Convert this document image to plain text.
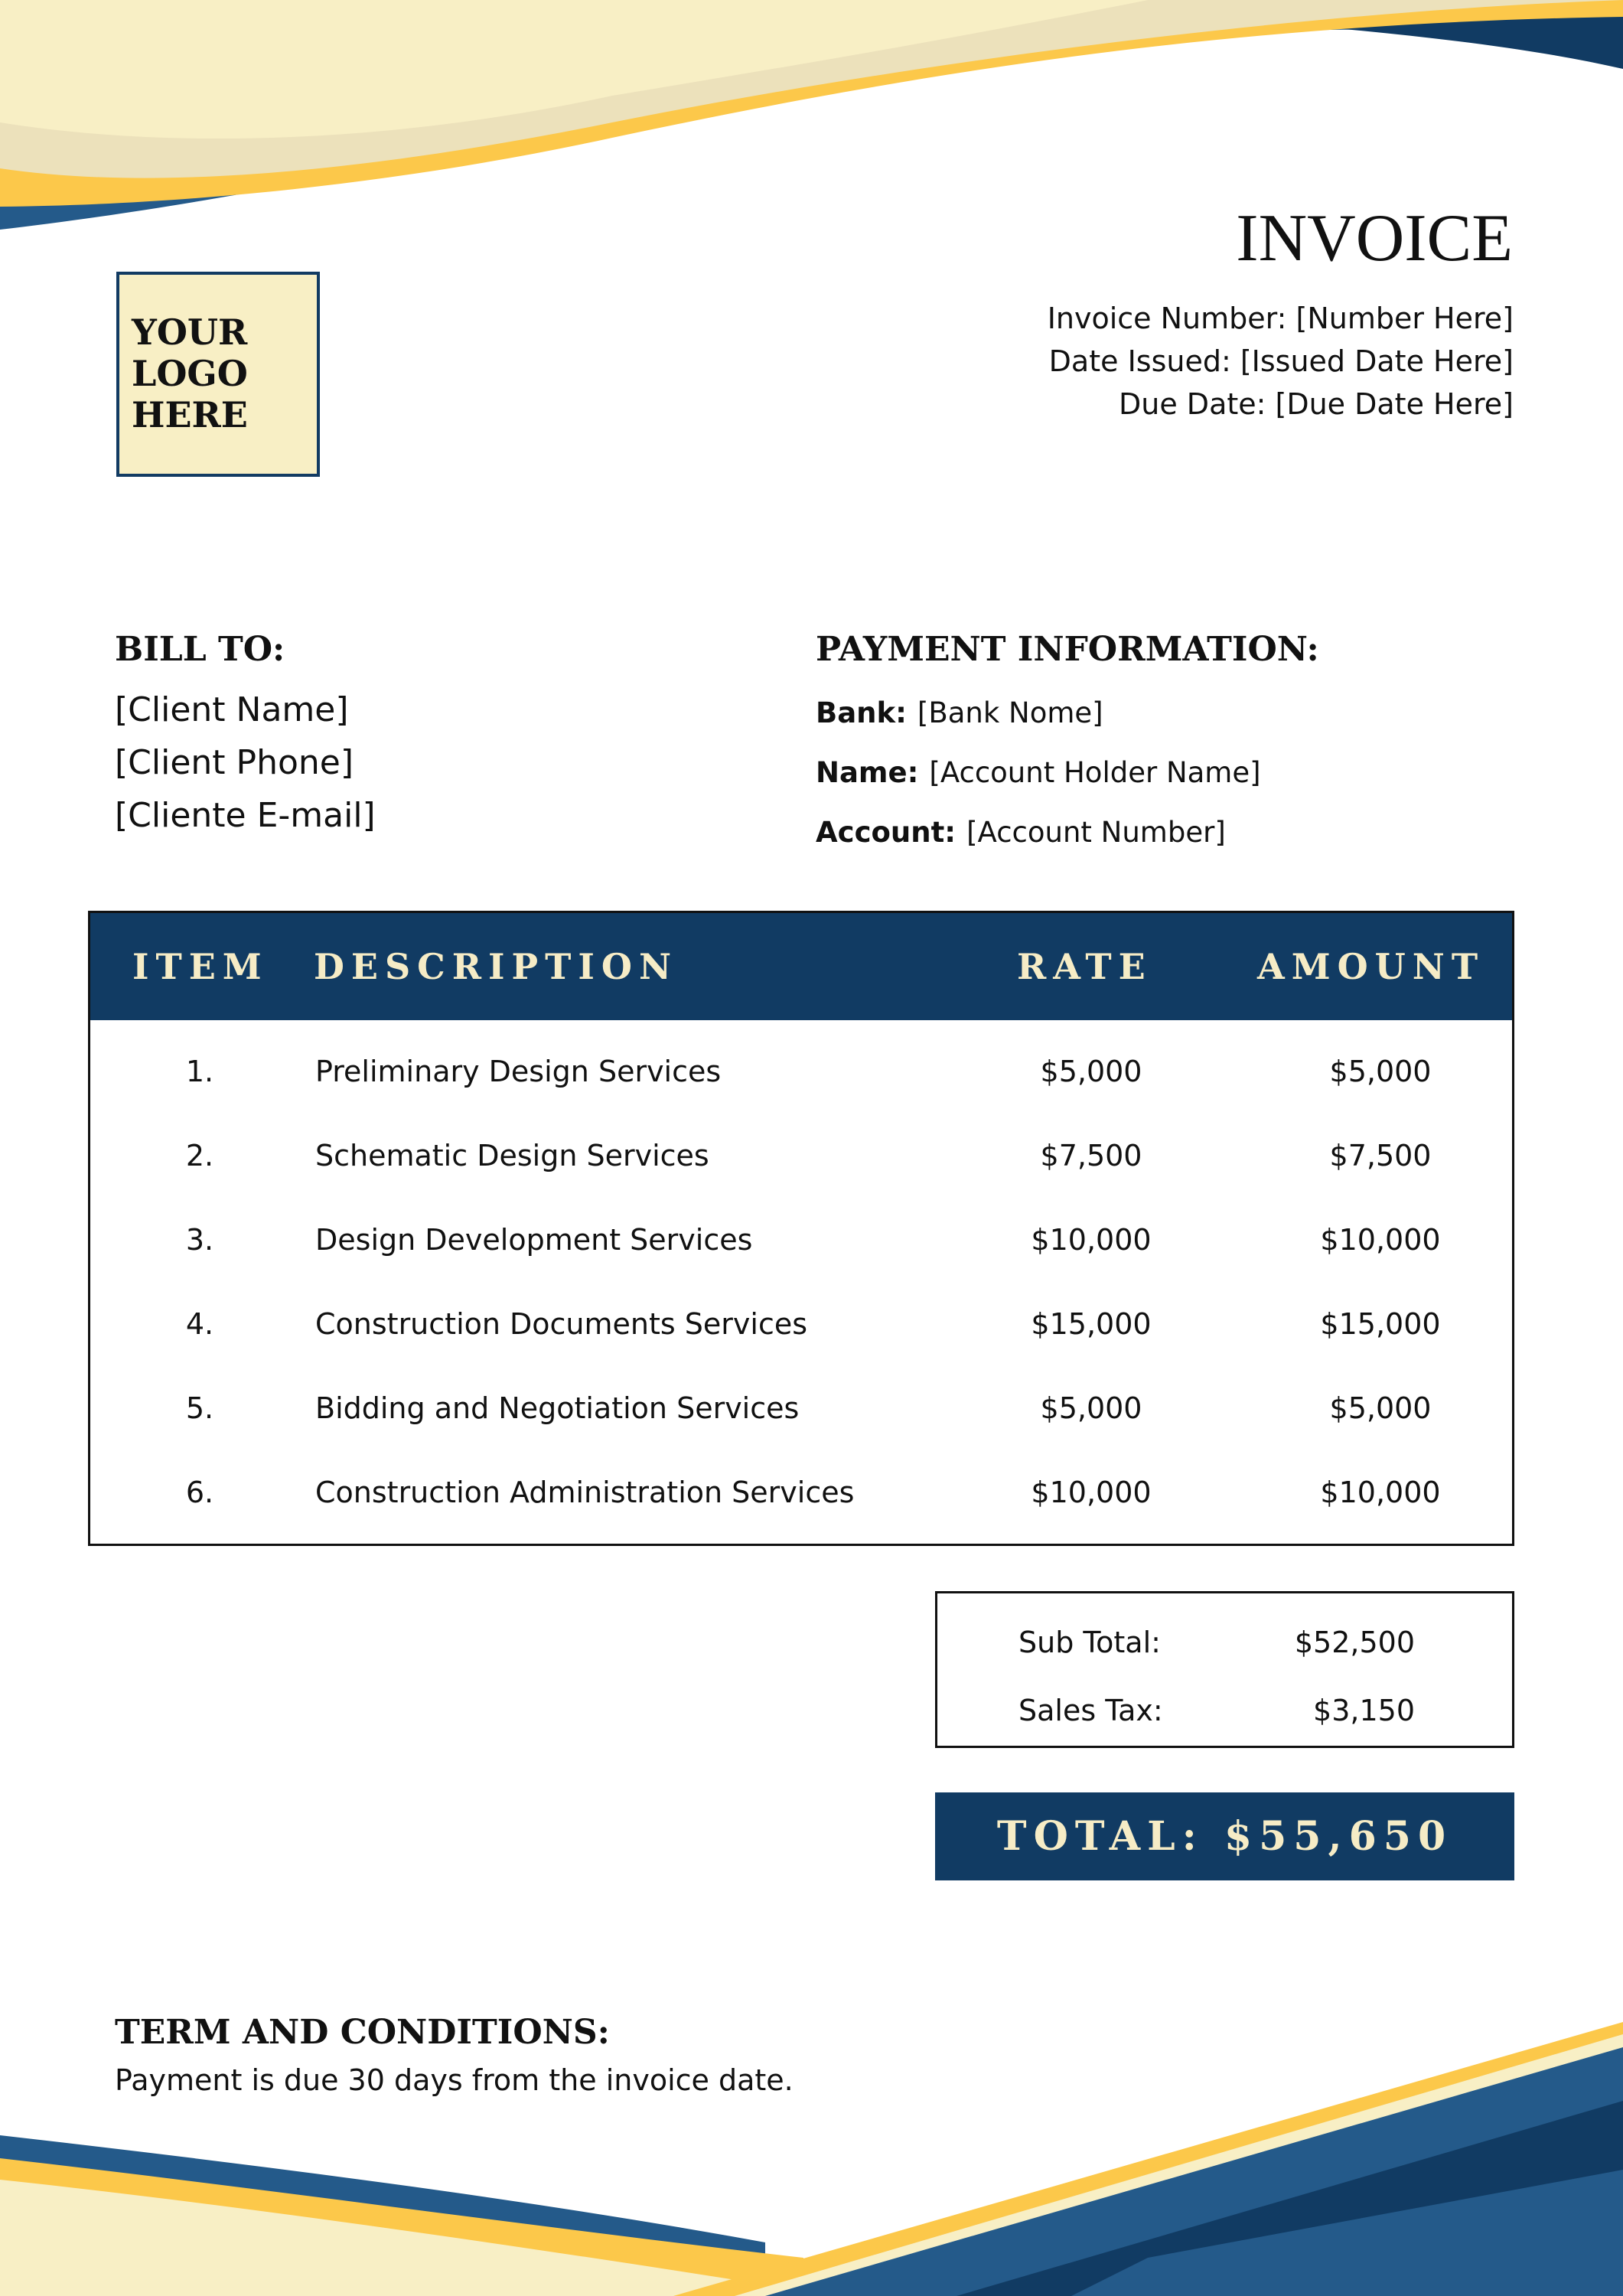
YOUR
LOGO
HERE
INVOICE
Invoice Number: [Number Here]
Date Issued: [Issued Date Here]
Due Date: [Due Date Here]
BILL TO:
[Client Name]
[Client Phone]
[Cliente E-mail]
PAYMENT INFORMATION:
Bank: [Bank Nome]
Name: [Account Holder Name]
Account: [Account Number]
ITEM DESCRIPTION	RATE	AMOUNT
1.	Preliminary Design Services	$5,000	$5,000
2.	Schematic Design Services	$7,500	$7,500
3.	Design Development Services	$10,000	$10,000
4.	Construction Documents Services	$15,000	$15,000
5.	Bidding and Negotiation Services	$5,000	$5,000
6.	Construction Administration Services	$10,000	$10,000
Sub Total:	$52,500
Sales Tax:	$3,150
TOTAL: $55,650
TERM AND CONDITIONS:
Payment is due 30 days from the invoice date.
